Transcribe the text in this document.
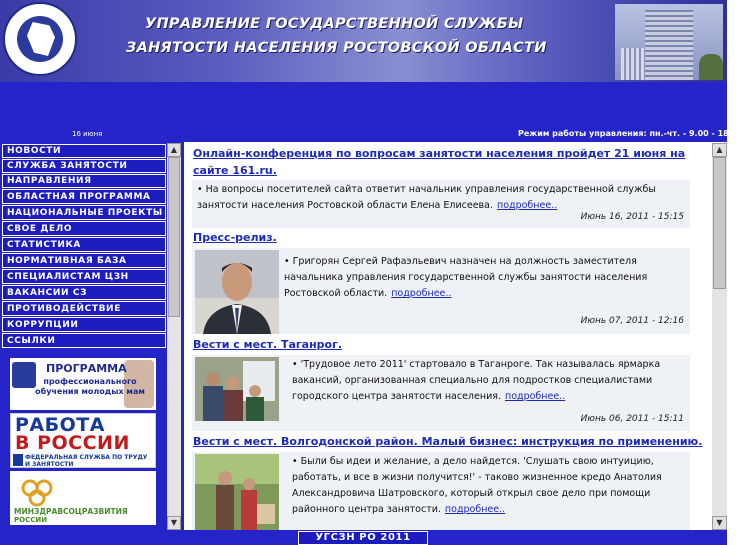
УПРАВЛЕНИЕ ГОСУДАРСТВЕННОЙ СЛУЖБЫ
ЗАНЯТОСТИ НАСЕЛЕНИЯ РОСТОВСКОЙ ОБЛАСТИ
16 июня	Режим работы управления: пн.-чт. - 9.00 - 18.00, п
НОВОСТИ
СЛУЖБА ЗАНЯТОСТИ
НАПРАВЛЕНИЯ
ОБЛАСТНАЯ ПРОГРАММА
НАЦИОНАЛЬНЫЕ ПРОЕКТЫ
СВОЕ ДЕЛО
СТАТИСТИКА
НОРМАТИВНАЯ БАЗА
СПЕЦИАЛИСТАМ ЦЗН
ВАКАНСИИ СЗ
ПРОТИВОДЕЙСТВИЕ
КОРРУПЦИИ
ССЫЛКИ
▲
▼
ПРОГРАММА
профессионального обучения молодых мам
РАБОТА
В РОССИИ
ФЕДЕРАЛЬНАЯ СЛУЖБА ПО ТРУДУ И ЗАНЯТОСТИ
МИНЗДРАВСОЦРАЗВИТИЯ
РОССИИ
Онлайн-конференция по вопросам занятости населения пройдет 21 июня на сайте 161.ru.
• На вопросы посетителей сайта ответит начальник управления государственной службы занятости населения Ростовской области Елена Елисеева. подробнее..
Июнь 16, 2011 - 15:15
Пресс-релиз.
• Григорян Сергей Рафаэльевич назначен на должность заместителя начальника управления государственной службы занятости населения Ростовской области. подробнее..
Июнь 07, 2011 - 12:16
Вести с мест. Таганрог.
• 'Трудовое лето 2011' стартовало в Таганроге. Так называлась ярмарка вакансий, организованная специально для подростков специалистами городского центра занятости населения. подробнее..
Июнь 06, 2011 - 15:11
Вести с мест. Волгодонской район. Малый бизнес: инструкция по применению.
• Были бы идеи и желание, а дело найдется. 'Слушать свою интуицию, работать, и все в жизни получится!' - таково жизненное кредо Анатолия Александровича Шатровского, который открыл свое дело при помощи районного центра занятости. подробнее..
▲
▼
УГСЗН РО 2011
